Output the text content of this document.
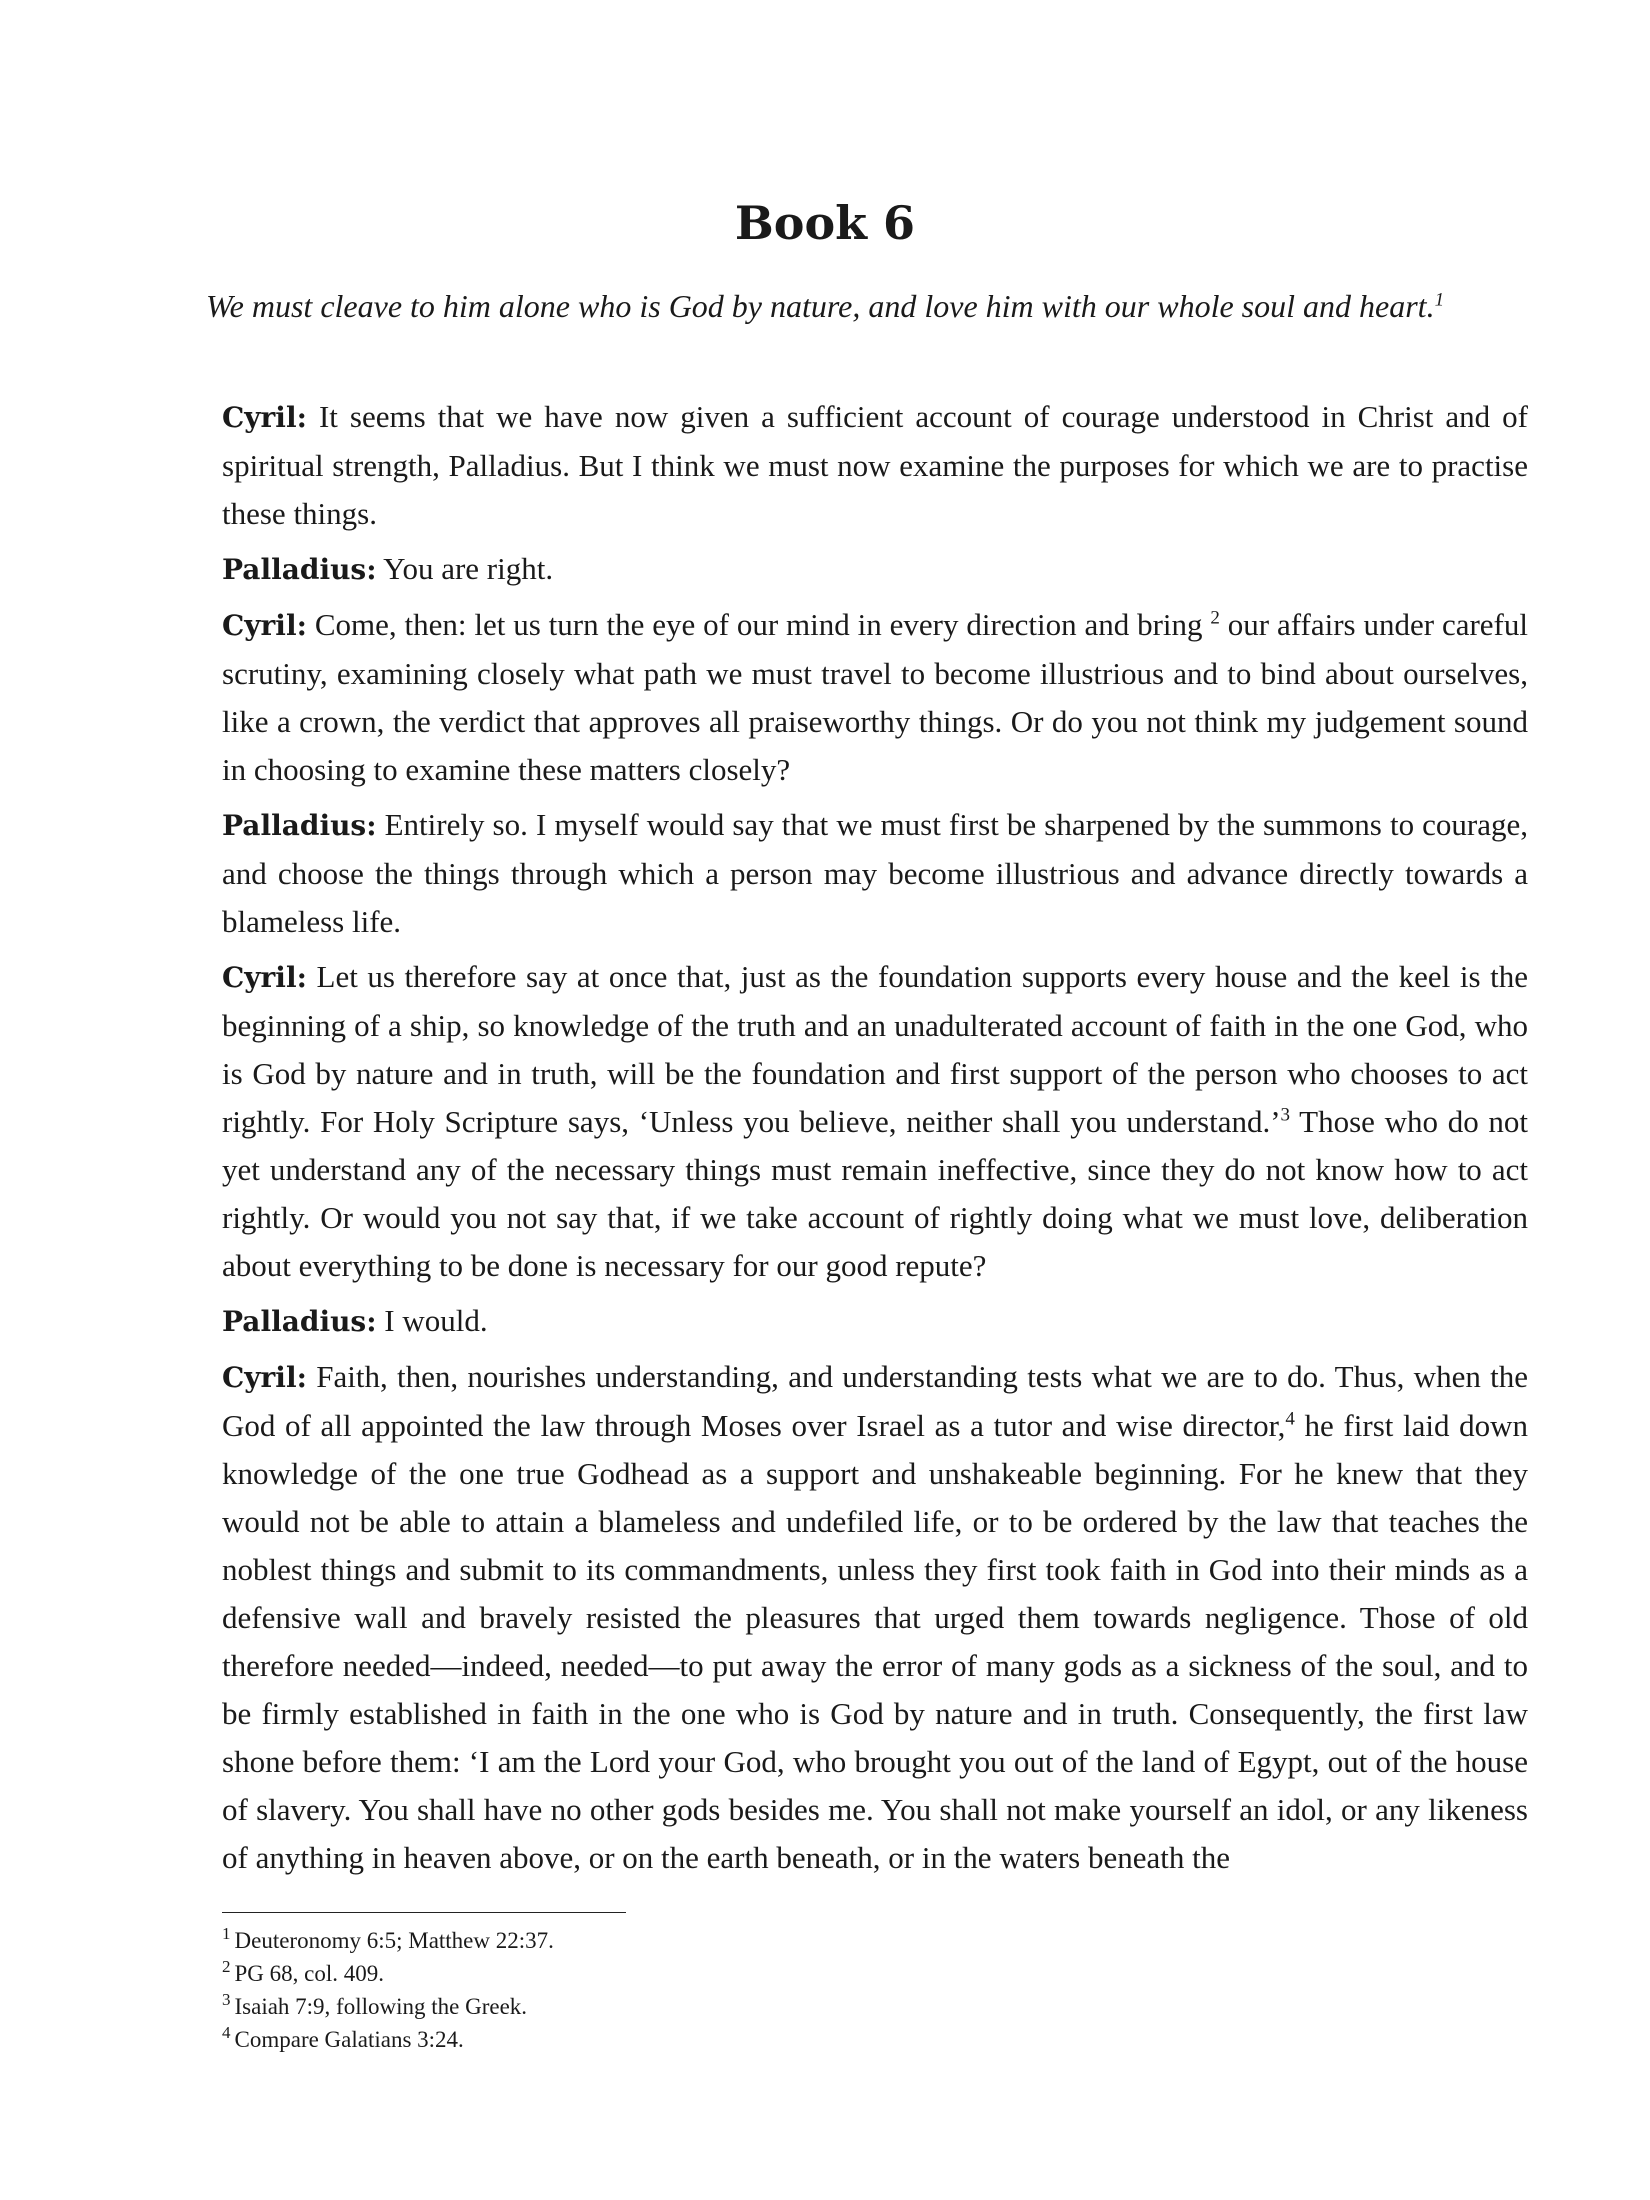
Book 6

We must cleave to him alone who is God by nature, and love him with our whole soul and heart.$^1$

Cyril: It seems that we have now given a sufficient account of courage understood in Christ and of spiritual strength, Palladius. But I think we must now examine the purposes for which we are to practise these things.

Palladius: You are right.

Cyril: Come, then: let us turn the eye of our mind in every direction and bring $^2$ our affairs under careful scrutiny, examining closely what path we must travel to become illustrious and to bind about ourselves, like a crown, the verdict that approves all praiseworthy things. Or do you not think my judgement sound in choosing to examine these matters closely?

Palladius: Entirely so. I myself would say that we must first be sharpened by the summons to courage, and choose the things through which a person may become illustrious and advance directly towards a blameless life.

Cyril: Let us therefore say at once that, just as the foundation supports every house and the keel is the beginning of a ship, so knowledge of the truth and an unadulterated account of faith in the one God, who is God by nature and in truth, will be the foundation and first support of the person who chooses to act rightly. For Holy Scripture says, ‘Unless you believe, neither shall you understand.’$^3$ Those who do not yet understand any of the necessary things must remain ineffective, since they do not know how to act rightly. Or would you not say that, if we take account of rightly doing what we must love, deliberation about everything to be done is necessary for our good repute?

Palladius: I would.

Cyril: Faith, then, nourishes understanding, and understanding tests what we are to do. Thus, when the God of all appointed the law through Moses over Israel as a tutor and wise director,$^4$ he first laid down knowledge of the one true Godhead as a support and unshakeable beginning. For he knew that they would not be able to attain a blameless and undefiled life, or to be ordered by the law that teaches the noblest things and submit to its commandments, unless they first took faith in God into their minds as a defensive wall and bravely resisted the pleasures that urged them towards negligence. Those of old therefore needed—indeed, needed—to put away the error of many gods as a sickness of the soul, and to be firmly established in faith in the one who is God by nature and in truth. Consequently, the first law shone before them: ‘I am the Lord your God, who brought you out of the land of Egypt, out of the house of slavery. You shall have no other gods besides me. You shall not make yourself an idol, or any likeness of anything in heaven above, or on the earth beneath, or in the waters beneath the

$^1$ Deuteronomy 6:5; Matthew 22:37.
$^2$ PG 68, col. 409.
$^3$ Isaiah 7:9, following the Greek.
$^4$ Compare Galatians 3:24.
